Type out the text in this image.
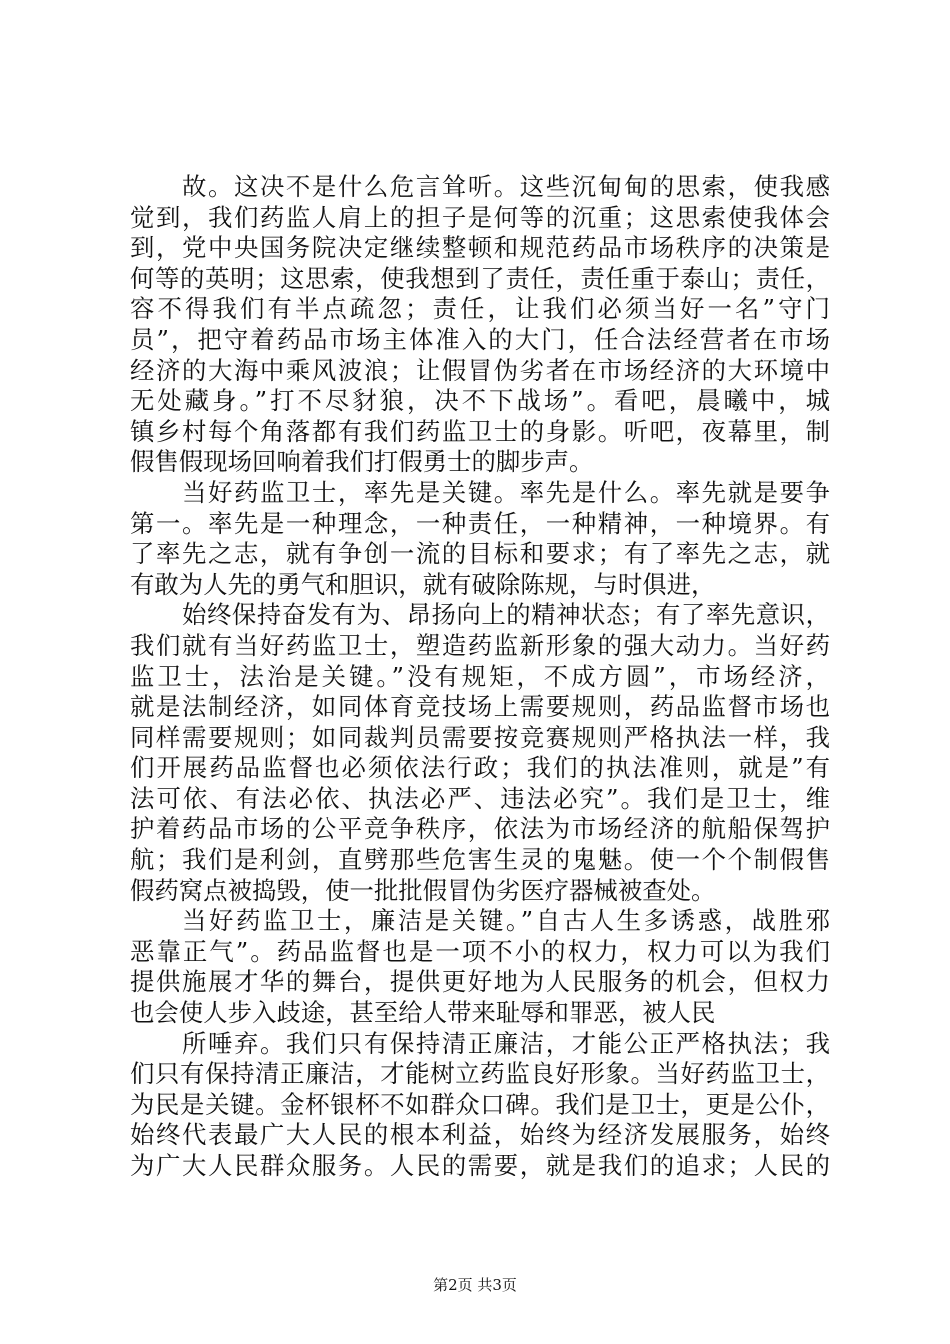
故。这决不是什么危言耸听。这些沉甸甸的思索，使我感
觉到，我们药监人肩上的担子是何等的沉重；这思索使我体会
到，党中央国务院决定继续整顿和规范药品市场秩序的决策是
何等的英明；这思索，使我想到了责任，责任重于泰山；责任，
容不得我们有半点疏忽；责任，让我们必须当好一名”守门
员”，把守着药品市场主体准入的大门，任合法经营者在市场
经济的大海中乘风波浪；让假冒伪劣者在市场经济的大环境中
无处藏身。”打不尽豺狼，决不下战场”。看吧，晨曦中，城
镇乡村每个角落都有我们药监卫士的身影。听吧，夜幕里，制
假售假现场回响着我们打假勇士的脚步声。
当好药监卫士，率先是关键。率先是什么。率先就是要争
第一。率先是一种理念，一种责任，一种精神，一种境界。有
了率先之志，就有争创一流的目标和要求；有了率先之志，就
有敢为人先的勇气和胆识，就有破除陈规，与时俱进，
始终保持奋发有为、昂扬向上的精神状态；有了率先意识，
我们就有当好药监卫士，塑造药监新形象的强大动力。当好药
监卫士，法治是关键。”没有规矩，不成方圆”，市场经济，
就是法制经济，如同体育竞技场上需要规则，药品监督市场也
同样需要规则；如同裁判员需要按竞赛规则严格执法一样，我
们开展药品监督也必须依法行政；我们的执法准则，就是”有
法可依、有法必依、执法必严、违法必究”。我们是卫士，维
护着药品市场的公平竞争秩序，依法为市场经济的航船保驾护
航；我们是利剑，直劈那些危害生灵的鬼魅。使一个个制假售
假药窝点被捣毁，使一批批假冒伪劣医疗器械被查处。
当好药监卫士，廉洁是关键。”自古人生多诱惑，战胜邪
恶靠正气”。药品监督也是一项不小的权力，权力可以为我们
提供施展才华的舞台，提供更好地为人民服务的机会，但权力
也会使人步入歧途，甚至给人带来耻辱和罪恶，被人民
所唾弃。我们只有保持清正廉洁，才能公正严格执法；我
们只有保持清正廉洁，才能树立药监良好形象。当好药监卫士，
为民是关键。金杯银杯不如群众口碑。我们是卫士，更是公仆，
始终代表最广大人民的根本利益，始终为经济发展服务，始终
为广大人民群众服务。人民的需要，就是我们的追求；人民的
第2页 共3页
